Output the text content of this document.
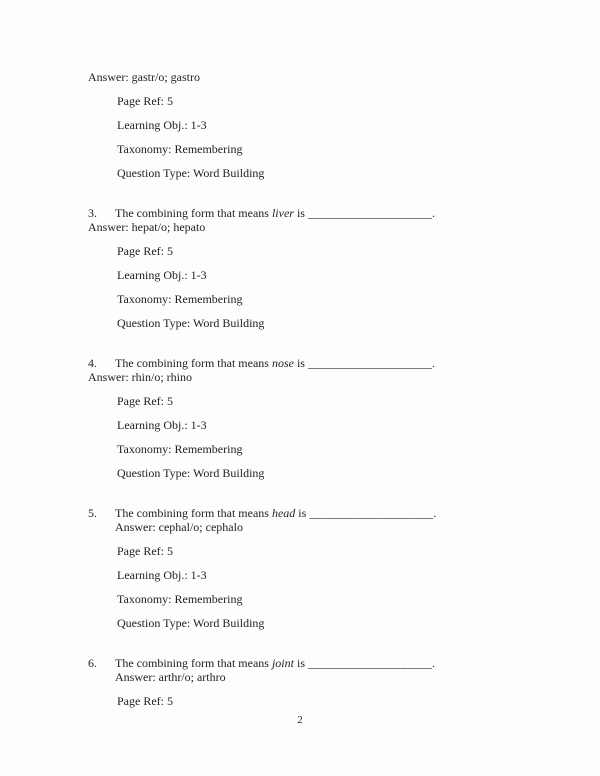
Answer: gastr/o; gastro
Page Ref: 5
Learning Obj.: 1-3
Taxonomy: Remembering
Question Type: Word Building
3.	The combining form that means liver is ____________________.
Answer: hepat/o; hepato
Page Ref: 5
Learning Obj.: 1-3
Taxonomy: Remembering
Question Type: Word Building
4.	The combining form that means nose is ____________________.
Answer: rhin/o; rhino
Page Ref: 5
Learning Obj.: 1-3
Taxonomy: Remembering
Question Type: Word Building
5.	The combining form that means head is ____________________.
Answer: cephal/o; cephalo
Page Ref: 5
Learning Obj.: 1-3
Taxonomy: Remembering
Question Type: Word Building
6.	The combining form that means joint is ____________________.
Answer: arthr/o; arthro
Page Ref: 5
2
